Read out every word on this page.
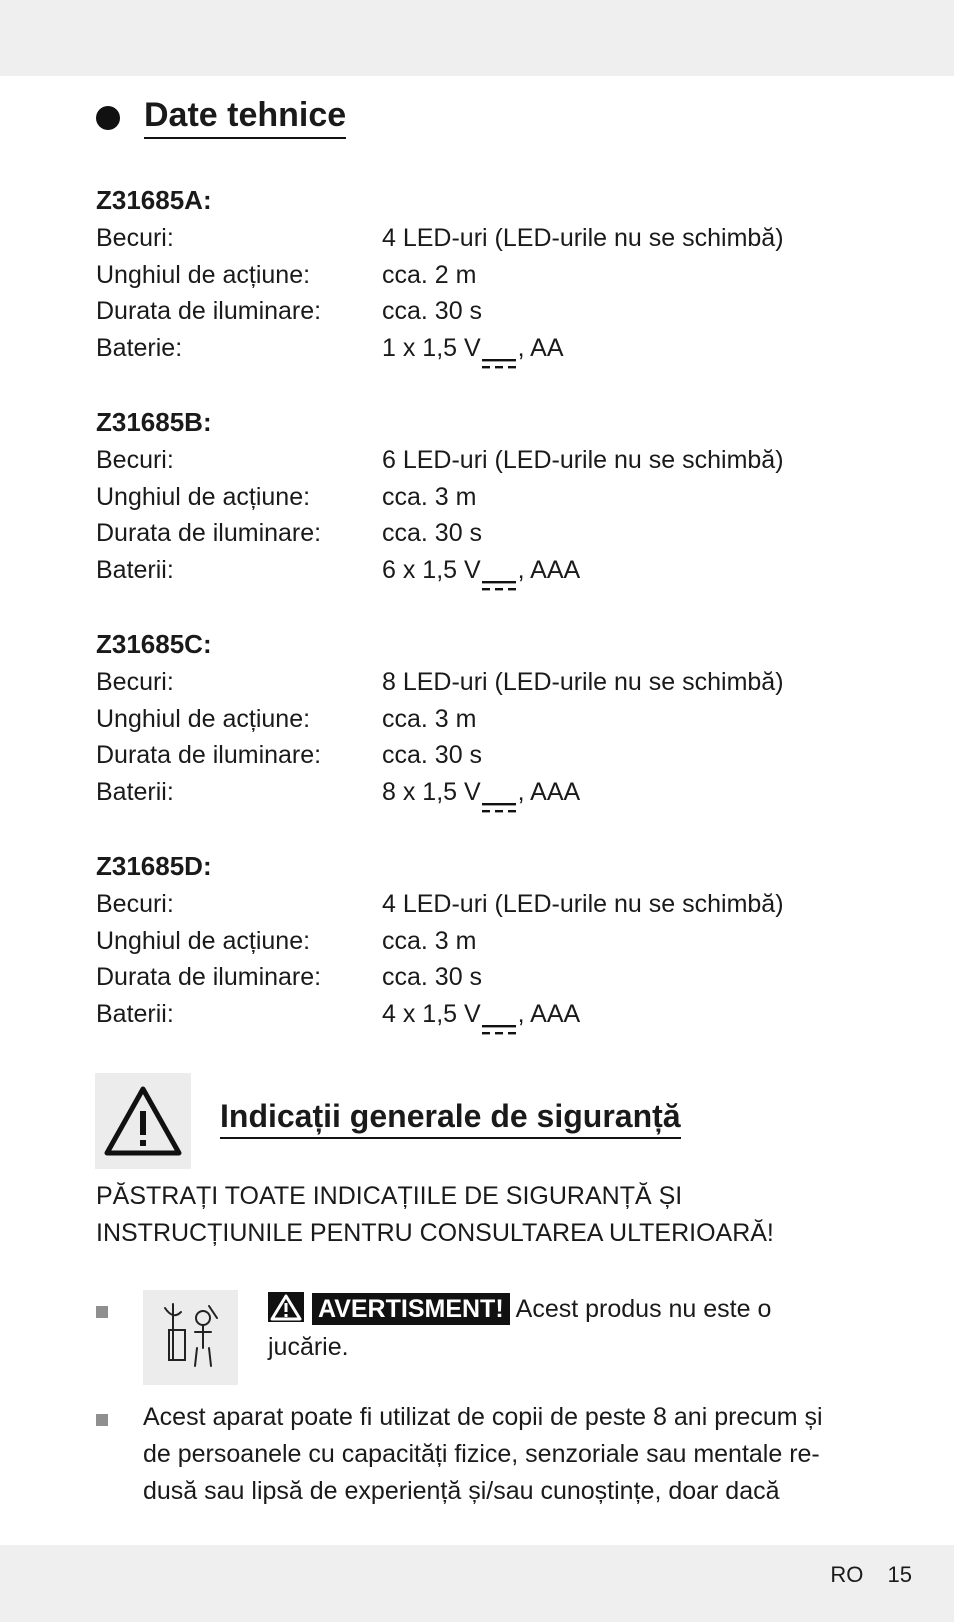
Date tehnice
Z31685A:
Becuri:	4 LED-uri (LED-urile nu se schimbă)
Unghiul de acțiune:	cca. 2 m
Durata de iluminare:	cca. 30 s
Baterie:	1 x 1,5 V , AA
Z31685B:
Becuri:	6 LED-uri (LED-urile nu se schimbă)
Unghiul de acțiune:	cca. 3 m
Durata de iluminare:	cca. 30 s
Baterii:	6 x 1,5 V , AAA
Z31685C:
Becuri:	8 LED-uri (LED-urile nu se schimbă)
Unghiul de acțiune:	cca. 3 m
Durata de iluminare:	cca. 30 s
Baterii:	8 x 1,5 V , AAA
Z31685D:
Becuri:	4 LED-uri (LED-urile nu se schimbă)
Unghiul de acțiune:	cca. 3 m
Durata de iluminare:	cca. 30 s
Baterii:	4 x 1,5 V , AAA
Indicații generale de siguranță
PĂSTRAȚI TOATE INDICAȚIILE DE SIGURANȚĂ ȘI
INSTRUCȚIUNILE PENTRU CONSULTAREA ULTERIOARĂ!
AVERTISMENT! Acest produs nu este o
jucărie.
Acest aparat poate fi utilizat de copii de peste 8 ani precum și
de persoanele cu capacități fizice, senzoriale sau mentale re-
dusă sau lipsă de experiență și/sau cunoștințe, doar dacă
RO 15
